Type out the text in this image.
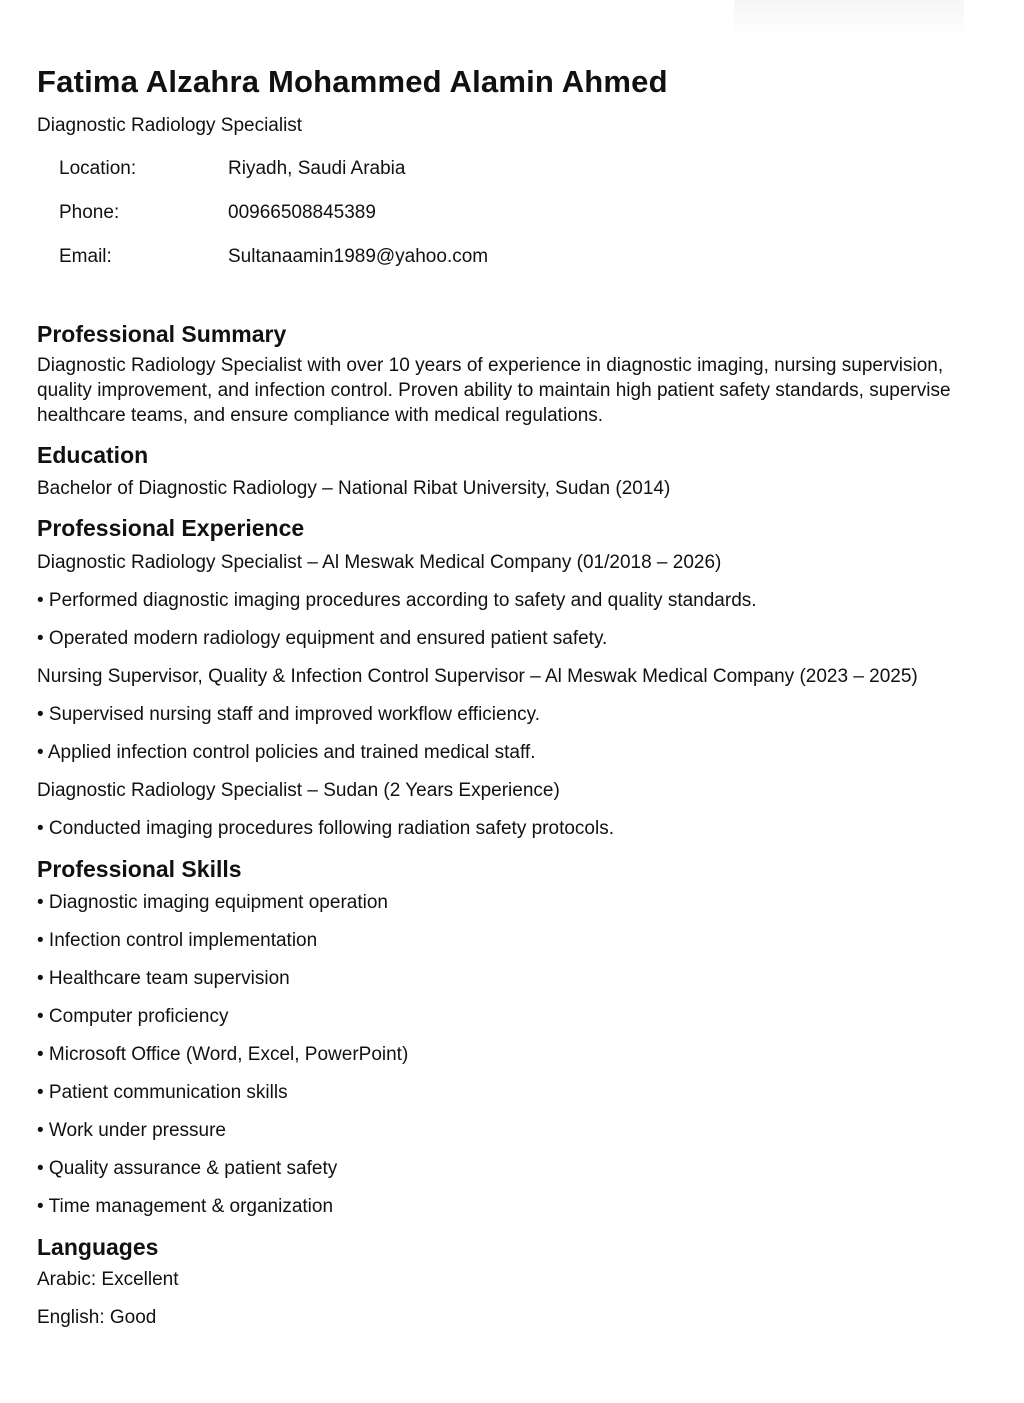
Fatima Alzahra Mohammed Alamin Ahmed
Diagnostic Radiology Specialist
Location:	Riyadh, Saudi Arabia
Phone:	00966508845389
Email:	Sultanaamin1989@yahoo.com
Professional Summary
Diagnostic Radiology Specialist with over 10 years of experience in diagnostic imaging, nursing supervision, quality improvement, and infection control. Proven ability to maintain high patient safety standards, supervise healthcare teams, and ensure compliance with medical regulations.
Education
Bachelor of Diagnostic Radiology – National Ribat University, Sudan (2014)
Professional Experience
Diagnostic Radiology Specialist – Al Meswak Medical Company (01/2018 – 2026)
• Performed diagnostic imaging procedures according to safety and quality standards.
• Operated modern radiology equipment and ensured patient safety.
Nursing Supervisor, Quality & Infection Control Supervisor – Al Meswak Medical Company (2023 – 2025)
• Supervised nursing staff and improved workflow efficiency.
• Applied infection control policies and trained medical staff.
Diagnostic Radiology Specialist – Sudan (2 Years Experience)
• Conducted imaging procedures following radiation safety protocols.
Professional Skills
• Diagnostic imaging equipment operation
• Infection control implementation
• Healthcare team supervision
• Computer proficiency
• Microsoft Office (Word, Excel, PowerPoint)
• Patient communication skills
• Work under pressure
• Quality assurance & patient safety
• Time management & organization
Languages
Arabic: Excellent
English: Good
